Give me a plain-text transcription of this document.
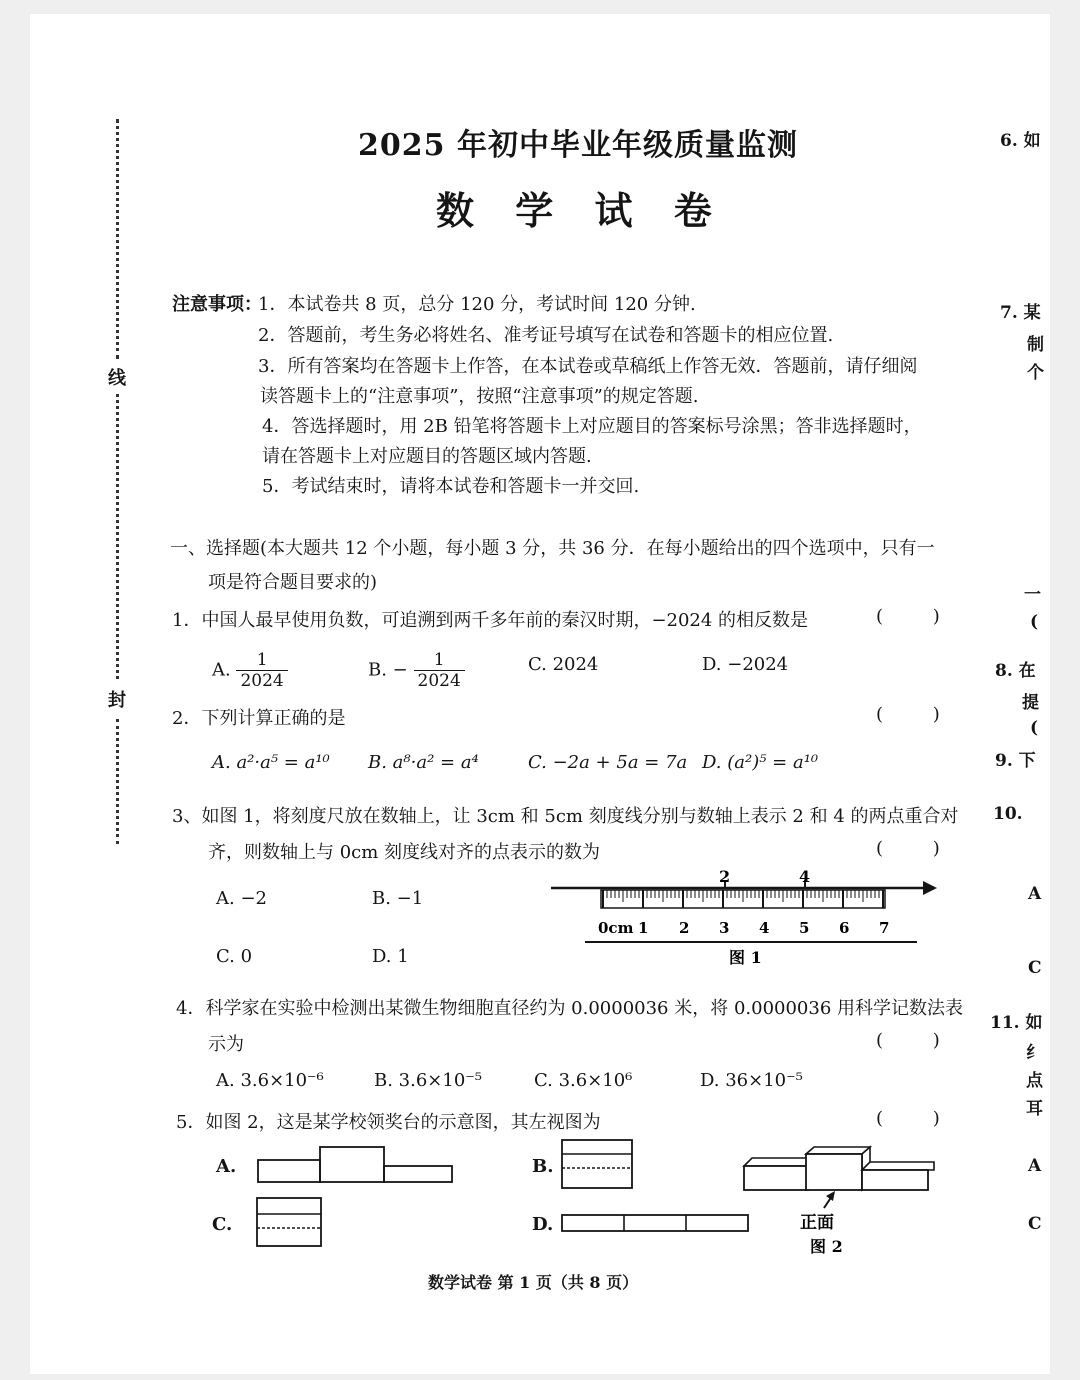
线
封
2025 年初中毕业年级质量监测
数 学 试 卷
注意事项：
1．本试卷共 8 页，总分 120 分，考试时间 120 分钟.
2．答题前，考生务必将姓名、准考证号填写在试卷和答题卡的相应位置.
3．所有答案均在答题卡上作答，在本试卷或草稿纸上作答无效．答题前，请仔细阅
读答题卡上的“注意事项”，按照“注意事项”的规定答题.
4．答选择题时，用 2B 铅笔将答题卡上对应题目的答案标号涂黑；答非选择题时，
请在答题卡上对应题目的答题区域内答题.
5．考试结束时，请将本试卷和答题卡一并交回.
一、选择题(本大题共 12 个小题，每小题 3 分，共 36 分．在每小题给出的四个选项中，只有一
项是符合题目要求的)
1．中国人最早使用负数，可追溯到两千多年前的秦汉时期，−2024 的相反数是	( )
A. $\frac{1}{2024}$	B. − $\frac{1}{2024}$	C. 2024	D. −2024
2．下列计算正确的是	( )
A. a²·a⁵ = a¹⁰ B. a⁸·a² = a⁴	C. −2a + 5a = 7a D. (a²)⁵ = a¹⁰
3、如图 1，将刻度尺放在数轴上，让 3cm 和 5cm 刻度线分别与数轴上表示 2 和 4 的两点重合对
齐，则数轴上与 0cm 刻度线对齐的点表示的数为	( )
A. −2	B. −1
C. 0	D. 1
2	4
0cm 1 2 3 4 5 6 7
图 1
4．科学家在实验中检测出某微生物细胞直径约为 0.0000036 米，将 0.0000036 用科学记数法表
示为	( )
A. 3.6×10⁻⁶	B. 3.6×10⁻⁵	C. 3.6×10⁶	D. 36×10⁻⁵
5．如图 2，这是某学校领奖台的示意图，其左视图为	( )
A.	B.
C.	D.	正面
图 2
数学试卷 第 1 页（共 8 页）
6. 如
7. 某
制
个
一
(
8. 在
提
(
9. 下
10.
A
C
11. 如
纟
点
耳
A
C
